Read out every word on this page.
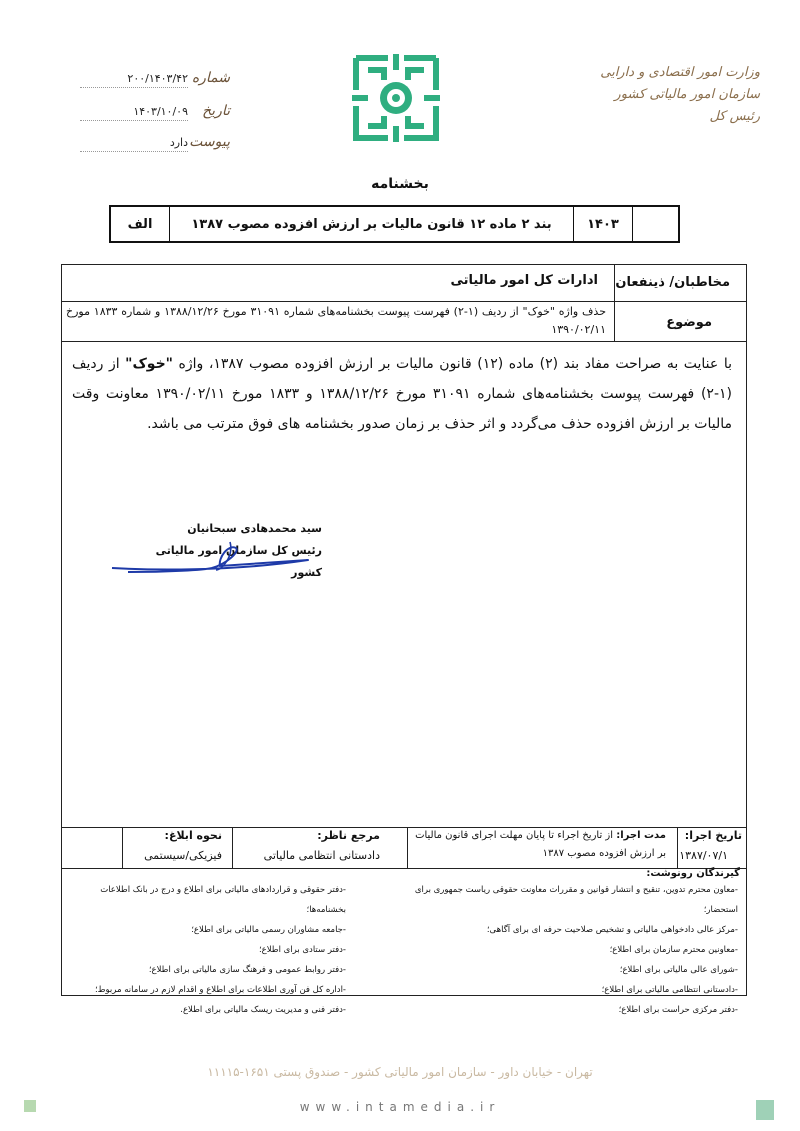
وزارت امور اقتصادی و دارایی
سازمان امور مالیاتی کشور
رئیس کل
شماره
۲۰۰/۱۴۰۳/۴۲
تاریخ
۱۴۰۳/۱۰/۰۹
پیوست
دارد
بخشنامه
	۱۴۰۳	بند ۲ ماده ۱۲ قانون مالیات بر ارزش افزوده مصوب ۱۳۸۷	الف
مخاطبان/ ذینفعان
ادارات کل امور مالیاتی
موضوع
حذف واژه "خوک" از ردیف (۱-۲) فهرست پیوست بخشنامه‌های شماره ۳۱۰۹۱ مورخ ۱۳۸۸/۱۲/۲۶ و شماره ۱۸۳۳ مورخ ۱۳۹۰/۰۲/۱۱
با عنایت به صراحت مفاد بند (۲) ماده (۱۲) قانون مالیات بر ارزش افزوده مصوب ۱۳۸۷، واژه "خوک" از ردیف (۱-۲) فهرست پیوست بخشنامه‌های شماره ۳۱۰۹۱ مورخ ۱۳۸۸/۱۲/۲۶ و ۱۸۳۳ مورخ ۱۳۹۰/۰۲/۱۱ معاونت وقت مالیات بر ارزش افزوده حذف می‌گردد و اثر حذف بر زمان صدور بخشنامه های فوق مترتب می باشد.
سید محمدهادی سبحانیان
رئیس کل سازمان امور مالیاتی کشور
تاریخ اجرا:
۱۳۸۷/۰۷/۱
مدت اجرا: از تاریخ اجراء تا پایان مهلت اجرای قانون مالیات بر ارزش افزوده مصوب ۱۳۸۷
مرجع ناظر:
دادستانی انتظامی مالیاتی
نحوه ابلاغ:
فیزیکی/سیستمی
گیرندگان رونوشت:
-معاون محترم تدوین، تنقیح و انتشار قوانین و مقررات معاونت حقوقی ریاست جمهوری برای استحضار؛
-مرکز عالی دادخواهی مالیاتی و تشخیص صلاحیت حرفه ای برای آگاهی؛
-معاونین محترم سازمان برای اطلاع؛
-شورای عالی مالیاتی برای اطلاع؛
-دادستانی انتظامی مالیاتی برای اطلاع؛
-دفتر مرکزی حراست برای اطلاع؛
-دفتر حقوقی و قراردادهای مالیاتی برای اطلاع و درج در بانک اطلاعات بخشنامه‌ها؛
-جامعه مشاوران رسمی مالیاتی برای اطلاع؛
-دفتر ستادی برای اطلاع؛
-دفتر روابط عمومی و فرهنگ سازی مالیاتی برای اطلاع؛
-اداره کل فن آوری اطلاعات برای اطلاع و اقدام لازم در سامانه مربوط؛
-دفتر فنی و مدیریت ریسک مالیاتی برای اطلاع.
تهران - خیابان داور - سازمان امور مالیاتی کشور - صندوق پستی ۱۶۵۱-۱۱۱۱۵
www.intamedia.ir
